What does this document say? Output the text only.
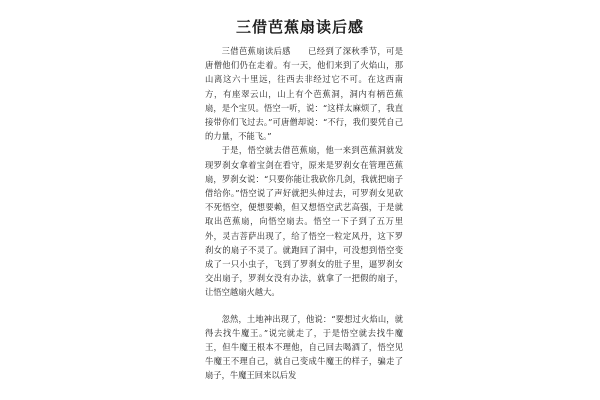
三借芭蕉扇读后感

三借芭蕉扇读后感　　已经到了深秋季节，可是唐僧他们仍在走着。有一天，他们来到了火焰山，那山离这六十里远，往西去非经过它不可。在这西南方，有座翠云山，山上有个芭蕉洞，洞内有柄芭蕉扇，是个宝贝。悟空一听，说：“这样太麻烦了，我直接带你们飞过去。”可唐僧却说：“不行，我们要凭自己的力量，不能飞。”

于是，悟空就去借芭蕉扇，他一来到芭蕉洞就发现罗刹女拿着宝剑在看守，原来是罗刹女在管理芭蕉扇，罗刹女说：“只要你能让我砍你几剑，我就把扇子借给你。”悟空说了声好就把头伸过去，可罗刹女见砍不死悟空，便想要赖，但又想悟空武艺高强，于是就取出芭蕉扇，向悟空扇去。悟空一下子到了五万里外，灵吉菩萨出现了，给了悟空一粒定风丹，这下罗刹女的扇子不灵了。就跑回了洞中，可没想到悟空变成了一只小虫子，飞到了罗刹女的肚子里，逼罗刹女交出扇子，罗刹女没有办法，就拿了一把假的扇子，让悟空越扇火越大。

忽然，土地神出现了，他说：“要想过火焰山，就得去找牛魔王。”说完就走了，于是悟空就去找牛魔王，但牛魔王根本不理他，自己回去喝酒了，悟空见牛魔王不理自己，就自己变成牛魔王的样子，骗走了扇子，牛魔王回来以后发
